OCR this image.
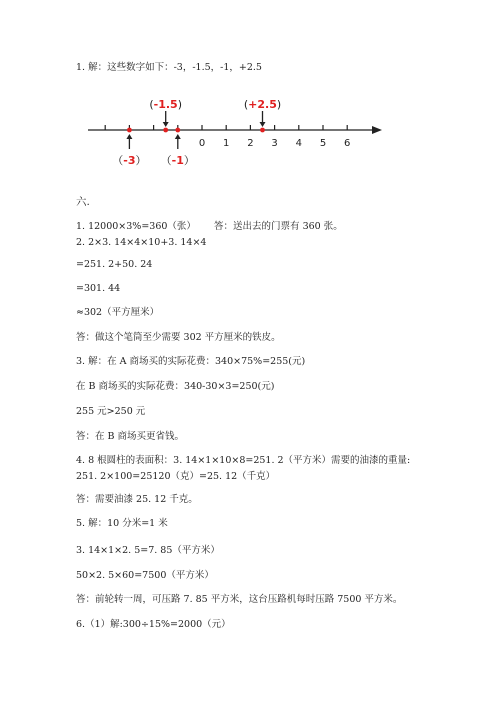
1. 解：这些数字如下：-3，-1.5，-1，+2.5
0 1 2 3 4 5 6
（-3）
(-1.5)
（-1）
(+2.5)
六.
1. 12000×3%=360（张）      答：送出去的门票有 360 张。
2. 2×3. 14×4×10+3. 14×4
=251. 2+50. 24
=301. 44
≈302（平方厘米）
答：做这个笔筒至少需要 302 平方厘米的铁皮。
3. 解：在 A 商场买的实际花费：340×75%=255(元)
在 B 商场买的实际花费：340-30×3=250(元)
255 元>250 元
答：在 B 商场买更省钱。
4. 8 根圆柱的表面积：3. 14×1×10×8=251. 2（平方米）需要的油漆的重量:
251. 2×100=25120（克）=25. 12（千克）
答：需要油漆 25. 12 千克。
5. 解：10 分米=1 米
3. 14×1×2. 5=7. 85（平方米）
50×2. 5×60=7500（平方米）
答：前轮转一周，可压路 7. 85 平方米，这台压路机每时压路 7500 平方米。
6.（1）解:300÷15%=2000（元）
